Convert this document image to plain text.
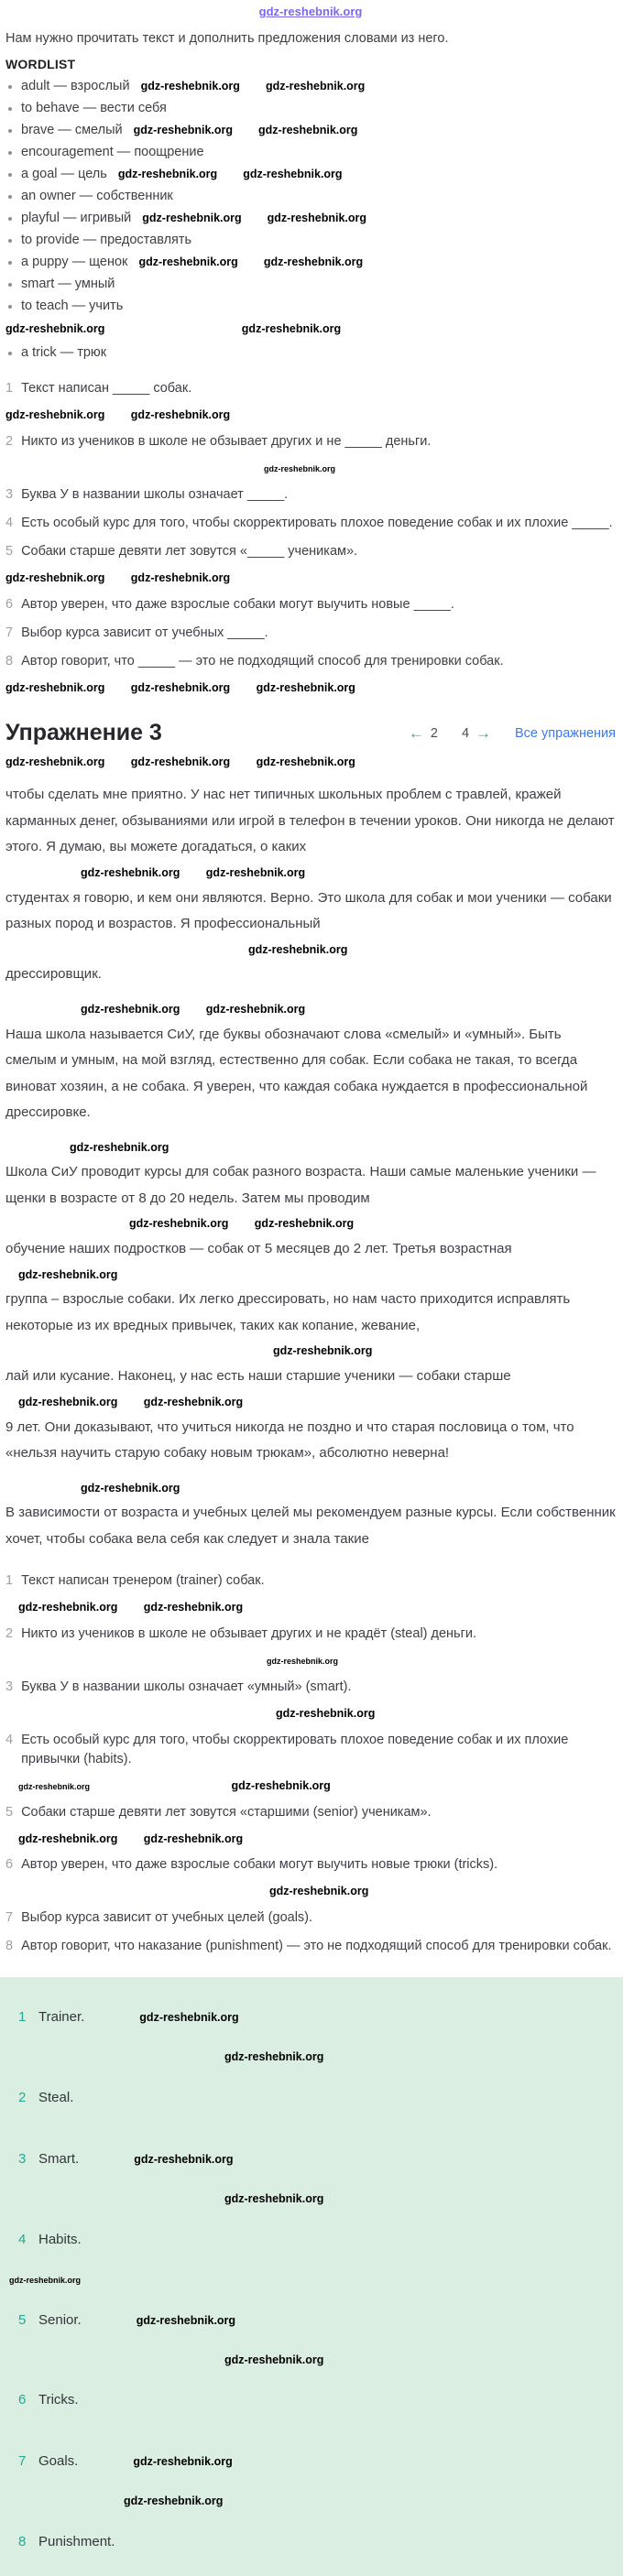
gdz-reshebnik.org

Нам нужно прочитать текст и дополнить предложения словами из него.

WORDLIST
adult — взрослый gdz-reshebnik.org gdz-reshebnik.org
to behave — вести себя
brave — смелый gdz-reshebnik.org gdz-reshebnik.org
encouragement — поощрение
a goal — цель gdz-reshebnik.org gdz-reshebnik.org
an owner — собственник
playful — игривый gdz-reshebnik.org gdz-reshebnik.org
to provide — предоставлять
a puppy — щенок gdz-reshebnik.org gdz-reshebnik.org
smart — умный
to teach — учить
gdz-reshebnik.org	gdz-reshebnik.org
a trick — трюк
1 Текст написан _____ собак.
gdz-reshebnik.org gdz-reshebnik.org
2 Никто из учеников в школе не обзывает других и не _____ деньги.
gdz-reshebnik.org
3 Буква У в названии школы означает _____.
4 Есть особый курс для того, чтобы скорректировать плохое поведение собак и их плохие _____.
5 Собаки старше девяти лет зовутся «_____ ученикам».
gdz-reshebnik.org gdz-reshebnik.org
6 Автор уверен, что даже взрослые собаки могут выучить новые _____.
7 Выбор курса зависит от учебных _____.
8 Автор говорит, что _____ — это не подходящий способ для тренировки собак.
gdz-reshebnik.org gdz-reshebnik.org gdz-reshebnik.org
Упражнение 3	← 2 4 → Все упражнения
gdz-reshebnik.org gdz-reshebnik.org gdz-reshebnik.org

чтобы сделать мне приятно. У нас нет типичных школьных проблем с травлей, кражей карманных денег, обзываниями или игрой в телефон в течении уроков. Они никогда не делают этого. Я думаю, вы можете догадаться, о каких

gdz-reshebnik.org gdz-reshebnik.org

студентах я говорю, и кем они являются. Верно. Это школа для собак и мои ученики — собаки разных пород и возрастов. Я профессиональный

gdz-reshebnik.org

дрессировщик.

gdz-reshebnik.org gdz-reshebnik.org

Наша школа называется СиУ, где буквы обозначают слова «смелый» и «умный». Быть смелым и умным, на мой взгляд, естественно для собак. Если собака не такая, то всегда виноват хозяин, а не собака. Я уверен, что каждая собака нуждается в профессиональной дрессировке.

gdz-reshebnik.org

Школа СиУ проводит курсы для собак разного возраста. Наши самые маленькие ученики — щенки в возрасте от 8 до 20 недель. Затем мы проводим

gdz-reshebnik.org gdz-reshebnik.org

обучение наших подростков — собак от 5 месяцев до 2 лет. Третья возрастная

gdz-reshebnik.org

группа – взрослые собаки. Их легко дрессировать, но нам часто приходится исправлять некоторые из их вредных привычек, таких как копание, жевание,

gdz-reshebnik.org

лай или кусание. Наконец, у нас есть наши старшие ученики — собаки старше

gdz-reshebnik.org gdz-reshebnik.org

9 лет. Они доказывают, что учиться никогда не поздно и что старая пословица о том, что «нельзя научить старую собаку новым трюкам», абсолютно неверна!

gdz-reshebnik.org

В зависимости от возраста и учебных целей мы рекомендуем разные курсы. Если собственник хочет, чтобы собака вела себя как следует и знала такие

1 Текст написан тренером (trainer) собак.
gdz-reshebnik.org gdz-reshebnik.org
2 Никто из учеников в школе не обзывает других и не крадёт (steal) деньги.
gdz-reshebnik.org
3 Буква У в названии школы означает «умный» (smart).
gdz-reshebnik.org
4 Есть особый курс для того, чтобы скорректировать плохое поведение собак и их плохие привычки (habits).
gdz-reshebnik.org	gdz-reshebnik.org
5 Собаки старше девяти лет зовутся «старшими (senior) ученикам».
gdz-reshebnik.org gdz-reshebnik.org
6 Автор уверен, что даже взрослые собаки могут выучить новые трюки (tricks).
gdz-reshebnik.org
7 Выбор курса зависит от учебных целей (goals).
8 Автор говорит, что наказание (punishment) — это не подходящий способ для тренировки собак.
1 Trainer.	gdz-reshebnik.org
gdz-reshebnik.org
2 Steal.
3 Smart.	gdz-reshebnik.org
gdz-reshebnik.org
4 Habits.
gdz-reshebnik.org
5 Senior.	gdz-reshebnik.org
gdz-reshebnik.org
6 Tricks.
7 Goals.	gdz-reshebnik.org
gdz-reshebnik.org
8 Punishment.
